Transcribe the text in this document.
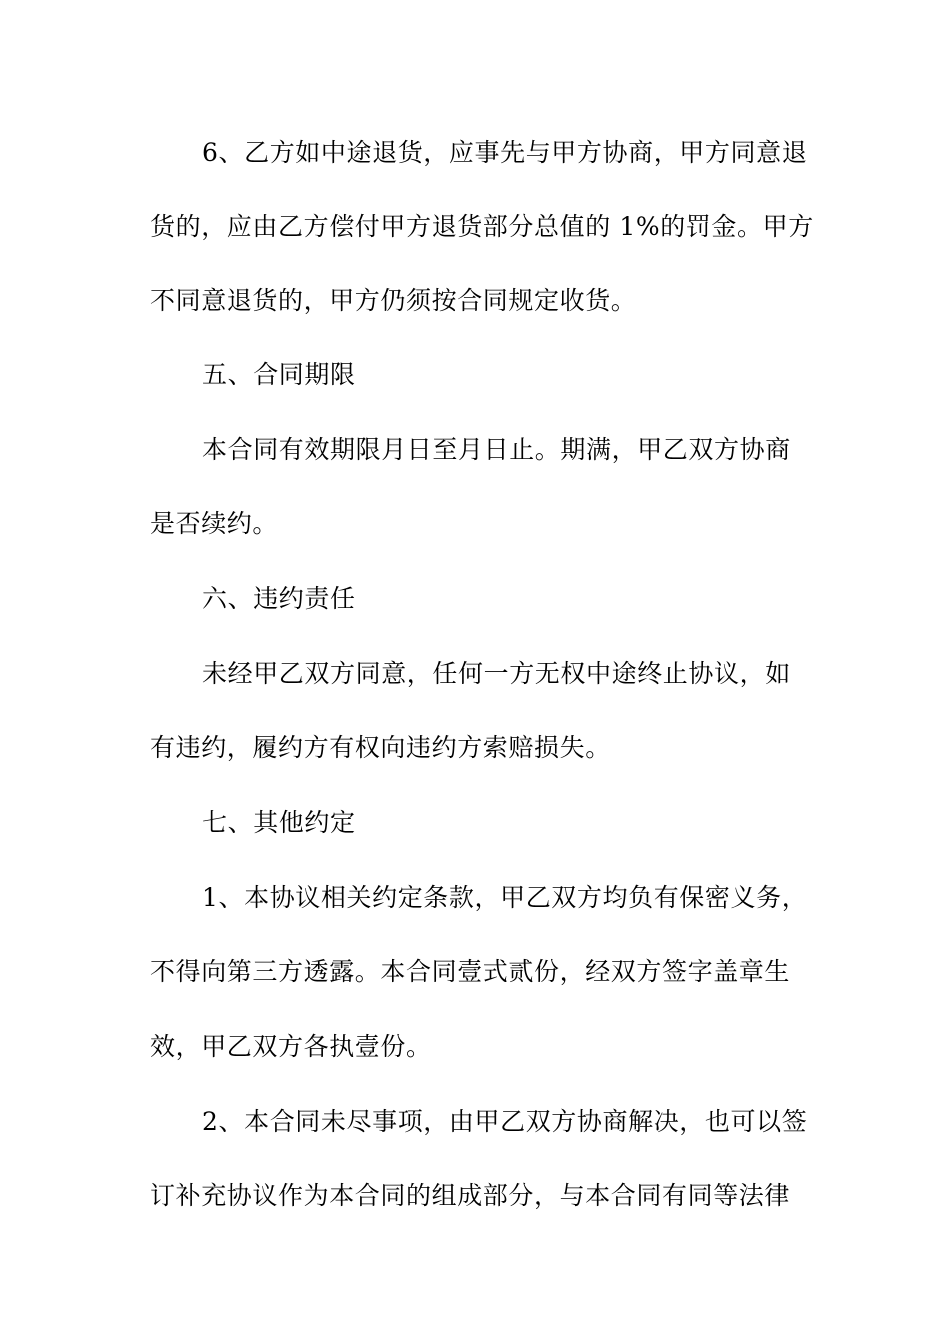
6、乙方如中途退货，应事先与甲方协商，甲方同意退
货的，应由乙方偿付甲方退货部分总值的 1%的罚金。甲方
不同意退货的，甲方仍须按合同规定收货。
五、合同期限
本合同有效期限月日至月日止。期满，甲乙双方协商
是否续约。
六、违约责任
未经甲乙双方同意，任何一方无权中途终止协议，如
有违约，履约方有权向违约方索赔损失。
七、其他约定
1、本协议相关约定条款，甲乙双方均负有保密义务，
不得向第三方透露。本合同壹式贰份，经双方签字盖章生
效，甲乙双方各执壹份。
2、本合同未尽事项，由甲乙双方协商解决，也可以签
订补充协议作为本合同的组成部分，与本合同有同等法律
